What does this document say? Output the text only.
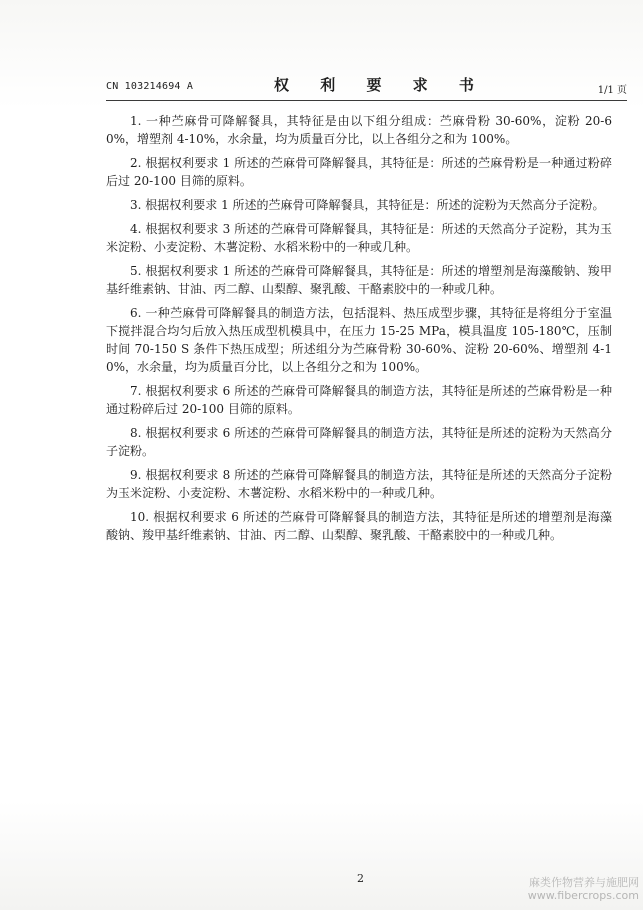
CN 103214694 A	权 利 要 求 书	1/1 页

1. 一种苎麻骨可降解餐具，其特征是由以下组分组成：苎麻骨粉 30-60%，淀粉 20-60%，增塑剂 4-10%，水余量，均为质量百分比，以上各组分之和为 100%。

2. 根据权利要求 1 所述的苎麻骨可降解餐具，其特征是：所述的苎麻骨粉是一种通过粉碎后过 20-100 目筛的原料。

3. 根据权利要求 1 所述的苎麻骨可降解餐具，其特征是：所述的淀粉为天然高分子淀粉。

4. 根据权利要求 3 所述的苎麻骨可降解餐具，其特征是：所述的天然高分子淀粉，其为玉米淀粉、小麦淀粉、木薯淀粉、水稻米粉中的一种或几种。

5. 根据权利要求 1 所述的苎麻骨可降解餐具，其特征是：所述的增塑剂是海藻酸钠、羧甲基纤维素钠、甘油、丙二醇、山梨醇、聚乳酸、干酪素胶中的一种或几种。

6. 一种苎麻骨可降解餐具的制造方法，包括混料、热压成型步骤，其特征是将组分于室温下搅拌混合均匀后放入热压成型机模具中，在压力 15-25 MPa，模具温度 105-180℃，压制时间 70-150 S 条件下热压成型；所述组分为苎麻骨粉 30-60%、淀粉 20-60%、增塑剂 4-10%，水余量，均为质量百分比，以上各组分之和为 100%。

7. 根据权利要求 6 所述的苎麻骨可降解餐具的制造方法，其特征是所述的苎麻骨粉是一种通过粉碎后过 20-100 目筛的原料。

8. 根据权利要求 6 所述的苎麻骨可降解餐具的制造方法，其特征是所述的淀粉为天然高分子淀粉。

9. 根据权利要求 8 所述的苎麻骨可降解餐具的制造方法，其特征是所述的天然高分子淀粉为玉米淀粉、小麦淀粉、木薯淀粉、水稻米粉中的一种或几种。

10. 根据权利要求 6 所述的苎麻骨可降解餐具的制造方法，其特征是所述的增塑剂是海藻酸钠、羧甲基纤维素钠、甘油、丙二醇、山梨醇、聚乳酸、干酪素胶中的一种或几种。

2	麻类作物营养与施肥网
www.fibercrops.com
